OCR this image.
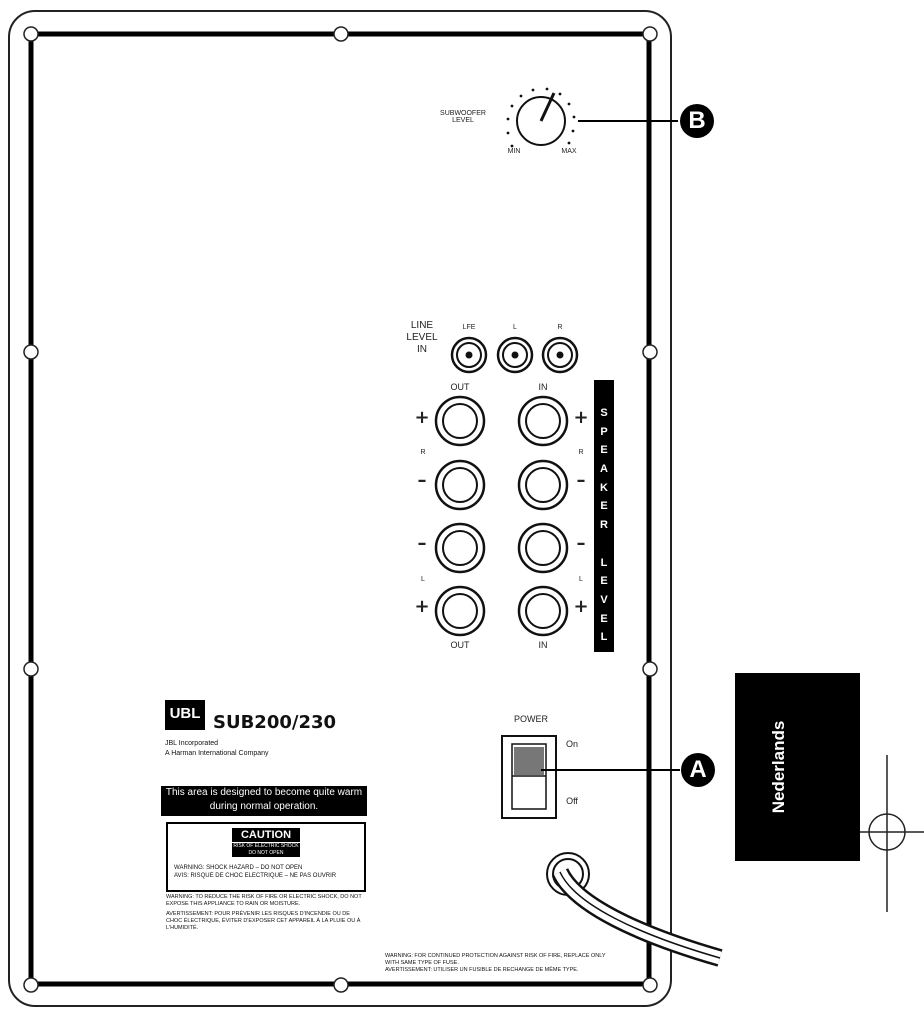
SUBWOOFER
LEVEL
MIN	MAX
B
A
LINE
LEVEL
IN
LFE	L	R
OUT	IN
OUT	IN
+
–
–
+
+
–
–
+
R	R
L	L
S
P
E
A
K
E
R

L
E
V
E
L
UBL SUB200/230
JBL Incorporated
A Harman International Company
This area is designed to become quite warm during normal operation.
CAUTION
RISK OF ELECTRIC SHOCK DO NOT OPEN
WARNING: SHOCK HAZARD – DO NOT OPEN
AVIS: RISQUE DE CHOC ELECTRIQUE – NE PAS OUVRIR
WARNING: TO REDUCE THE RISK OF FIRE OR ELECTRIC SHOCK, DO NOT EXPOSE THIS APPLIANCE TO RAIN OR MOISTURE.
AVERTISSEMENT: POUR PRÉVENIR LES RISQUES D'INCENDIE OU DE CHOC ÉLECTRIQUE, ÉVITER D'EXPOSER CET APPAREIL À LA PLUIE OU À L'HUMIDITÉ.
WARNING: FOR CONTINUED PROTECTION AGAINST RISK OF FIRE, REPLACE ONLY WITH SAME TYPE OF FUSE.
AVERTISSEMENT: UTILISER UN FUSIBLE DE RECHANGE DE MÊME TYPE.
POWER
On
Off	Nederlands
